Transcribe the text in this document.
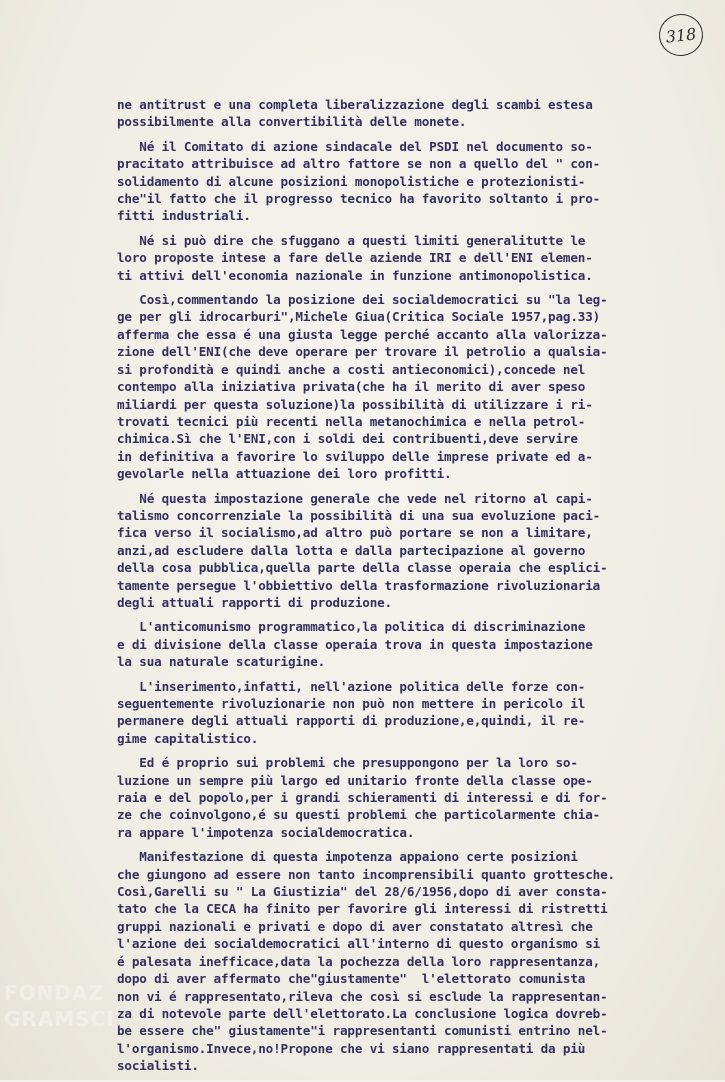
318
ne antitrust e una completa liberalizzazione degli scambi estesa
possibilmente alla convertibilità delle monete.
Né il Comitato di azione sindacale del PSDI nel documento so-
pracitato attribuisce ad altro fattore se non a quello del " con-
solidamento di alcune posizioni monopolistiche e protezionisti-
che"il fatto che il progresso tecnico ha favorito soltanto i pro-
fitti industriali.
Né si può dire che sfuggano a questi limiti generalitutte le
loro proposte intese a fare delle aziende IRI e dell'ENI elemen-
ti attivi dell'economia nazionale in funzione antimonopolistica.
Così,commentando la posizione dei socialdemocratici su "la leg-
ge per gli idrocarburi",Michele Giua(Critica Sociale 1957,pag.33)
afferma che essa é una giusta legge perché accanto alla valorizza-
zione dell'ENI(che deve operare per trovare il petrolio a qualsia-
si profondità e quindi anche a costi antieconomici),concede nel
contempo alla iniziativa privata(che ha il merito di aver speso
miliardi per questa soluzione)la possibilità di utilizzare i ri-
trovati tecnici più recenti nella metanochimica e nella petrol-
chimica.Sì che l'ENI,con i soldi dei contribuenti,deve servire
in definitiva a favorire lo sviluppo delle imprese private ed a-
gevolarle nella attuazione dei loro profitti.
Né questa impostazione generale che vede nel ritorno al capi-
talismo concorrenziale la possibilità di una sua evoluzione paci-
fica verso il socialismo,ad altro può portare se non a limitare,
anzi,ad escludere dalla lotta e dalla partecipazione al governo
della cosa pubblica,quella parte della classe operaia che esplici-
tamente persegue l'obbiettivo della trasformazione rivoluzionaria
degli attuali rapporti di produzione.
L'anticomunismo programmatico,la politica di discriminazione
e di divisione della classe operaia trova in questa impostazione
la sua naturale scaturigine.
L'inserimento,infatti, nell'azione politica delle forze con-
seguentemente rivoluzionarie non può non mettere in pericolo il
permanere degli attuali rapporti di produzione,e,quindi, il re-
gime capitalistico.
Ed é proprio sui problemi che presuppongono per la loro so-
luzione un sempre più largo ed unitario fronte della classe ope-
raia e del popolo,per i grandi schieramenti di interessi e di for-
ze che coinvolgono,é su questi problemi che particolarmente chia-
ra appare l'impotenza socialdemocratica.
Manifestazione di questa impotenza appaiono certe posizioni
che giungono ad essere non tanto incomprensibili quanto grottesche.
Così,Garelli su " La Giustizia" del 28/6/1956,dopo di aver consta-
tato che la CECA ha finito per favorire gli interessi di ristretti
gruppi nazionali e privati e dopo di aver constatato altresì che
l'azione dei socialdemocratici all'interno di questo organismo si
é palesata inefficace,data la pochezza della loro rappresentanza,
dopo di aver affermato che"giustamente"  l'elettorato comunista
non vi é rappresentato,rileva che così si esclude la rappresentan-
za di notevole parte dell'elettorato.La conclusione logica dovreb-
be essere che" giustamente"i rappresentanti comunisti entrino nel-
l'organismo.Invece,no!Propone che vi siano rappresentati da più
socialisti.
FONDAZ GRAMSCI
